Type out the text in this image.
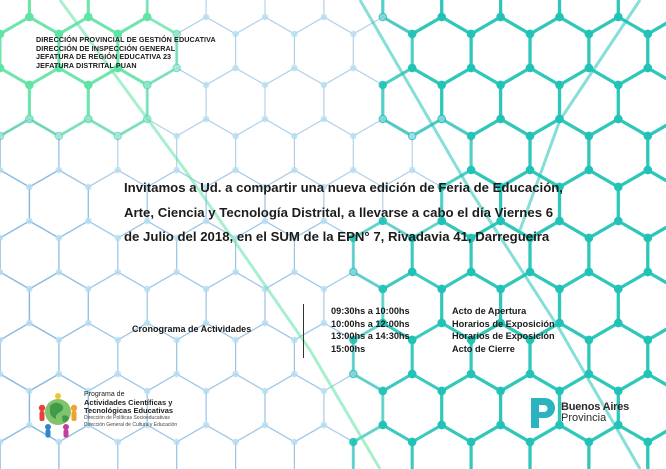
DIRECCIÓN PROVINCIAL DE GESTIÓN EDUCATIVA
DIRECCIÓN DE INSPECCIÓN GENERAL
JEFATURA DE REGIÓN EDUCATIVA 23
JEFATURA DISTRITAL PUAN
Invitamos a Ud. a compartir una nueva edición de Feria de Educación,
Arte, Ciencia y Tecnología Distrital, a llevarse a cabo el día Viernes 6
de Julio del 2018, en el SUM de la EPN° 7, Rivadavia 41, Darregueira
Cronograma de Actividades
09:30hs a 10:00hs	Acto de Apertura
10:00hs a 12:00hs	Horarios de Exposición
13:00hs a 14:30hs	Horarios de Exposición
15:00hs	Acto de Cierre
Programa de
Actividades Científicas y
Tecnológicas Educativas
Dirección de Políticas Socioeducativas
Dirección General de Cultura y Educación
Buenos Aires
Provincia
